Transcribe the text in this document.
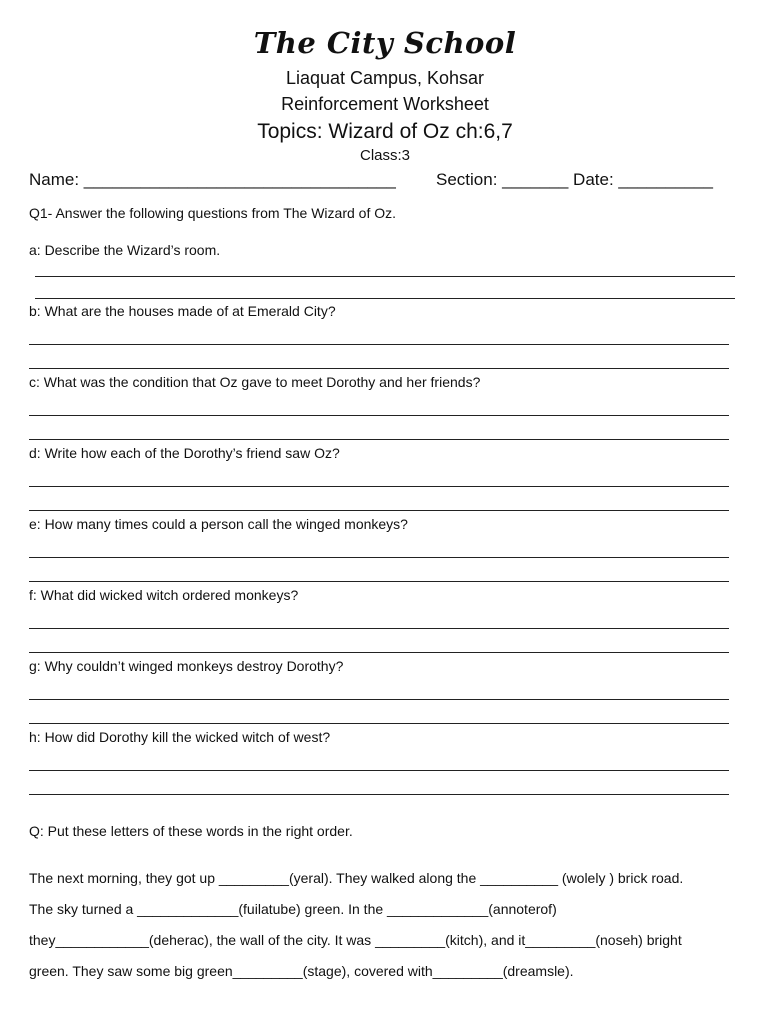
The City School
Liaquat Campus, Kohsar
Reinforcement Worksheet
Topics: Wizard of Oz ch:6,7
Class:3
Name: _________________________________ Section: _______ Date: __________
Q1- Answer the following questions from The Wizard of Oz.
a: Describe the Wizard’s room.
b: What are the houses made of at Emerald City?
c: What was the condition that Oz gave to meet Dorothy and her friends?
d: Write how each of the Dorothy’s friend saw Oz?
e: How many times could a person call the winged monkeys?
f: What did wicked witch ordered monkeys?
g: Why couldn’t winged monkeys destroy Dorothy?
h: How did Dorothy kill the wicked witch of west?
Q: Put these letters of these words in the right order.
The next morning, they got up _________(yeral). They walked along the __________ (wolely ) brick road.
The sky turned a _____________(fuilatube) green. In the _____________(annoterof)
they____________(deherac), the wall of the city. It was _________(kitch), and it_________(noseh) bright
green. They saw some big green_________(stage), covered with_________(dreamsle).
